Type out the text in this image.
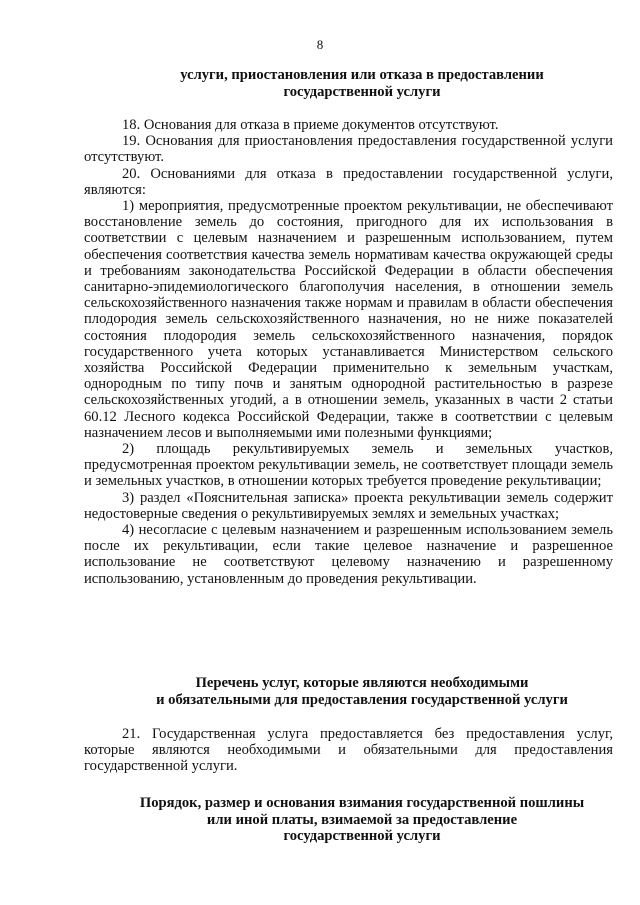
8
услуги, приостановления или отказа в предоставлении
государственной услуги

18. Основания для отказа в приеме документов отсутствуют.

19. Основания для приостановления предоставления государственной услуги отсутствуют.

20. Основаниями для отказа в предоставлении государственной услуги, являются:

1) мероприятия, предусмотренные проектом рекультивации, не обеспечивают восстановление земель до состояния, пригодного для их использования в соответствии с целевым назначением и разрешенным использованием, путем обеспечения соответствия качества земель нормативам качества окружающей среды и требованиям законодательства Российской Федерации в области обеспечения санитарно-эпидемиологического благополучия населения, в отношении земель сельскохозяйственного назначения также нормам и правилам в области обеспечения плодородия земель сельскохозяйственного назначения, но не ниже показателей состояния плодородия земель сельскохозяйственного назначения, порядок государственного учета которых устанавливается Министерством сельского хозяйства Российской Федерации применительно к земельным участкам, однородным по типу почв и занятым однородной растительностью в разрезе сельскохозяйственных угодий, а в отношении земель, указанных в части 2 статьи 60.12 Лесного кодекса Российской Федерации, также в соответствии с целевым назначением лесов и выполняемыми ими полезными функциями;

2) площадь рекультивируемых земель и земельных участков, предусмотренная проектом рекультивации земель, не соответствует площади земель и земельных участков, в отношении которых требуется проведение рекультивации;

3) раздел «Пояснительная записка» проекта рекультивации земель содержит недостоверные сведения о рекультивируемых землях и земельных участках;

4) несогласие с целевым назначением и разрешенным использованием земель после их рекультивации, если такие целевое назначение и разрешенное использование не соответствуют целевому назначению и разрешенному использованию, установленным до проведения рекультивации.

Перечень услуг, которые являются необходимыми
и обязательными для предоставления государственной услуги

21. Государственная услуга предоставляется без предоставления услуг, которые являются необходимыми и обязательными для предоставления государственной услуги.

Порядок, размер и основания взимания государственной пошлины
или иной платы, взимаемой за предоставление
государственной услуги
